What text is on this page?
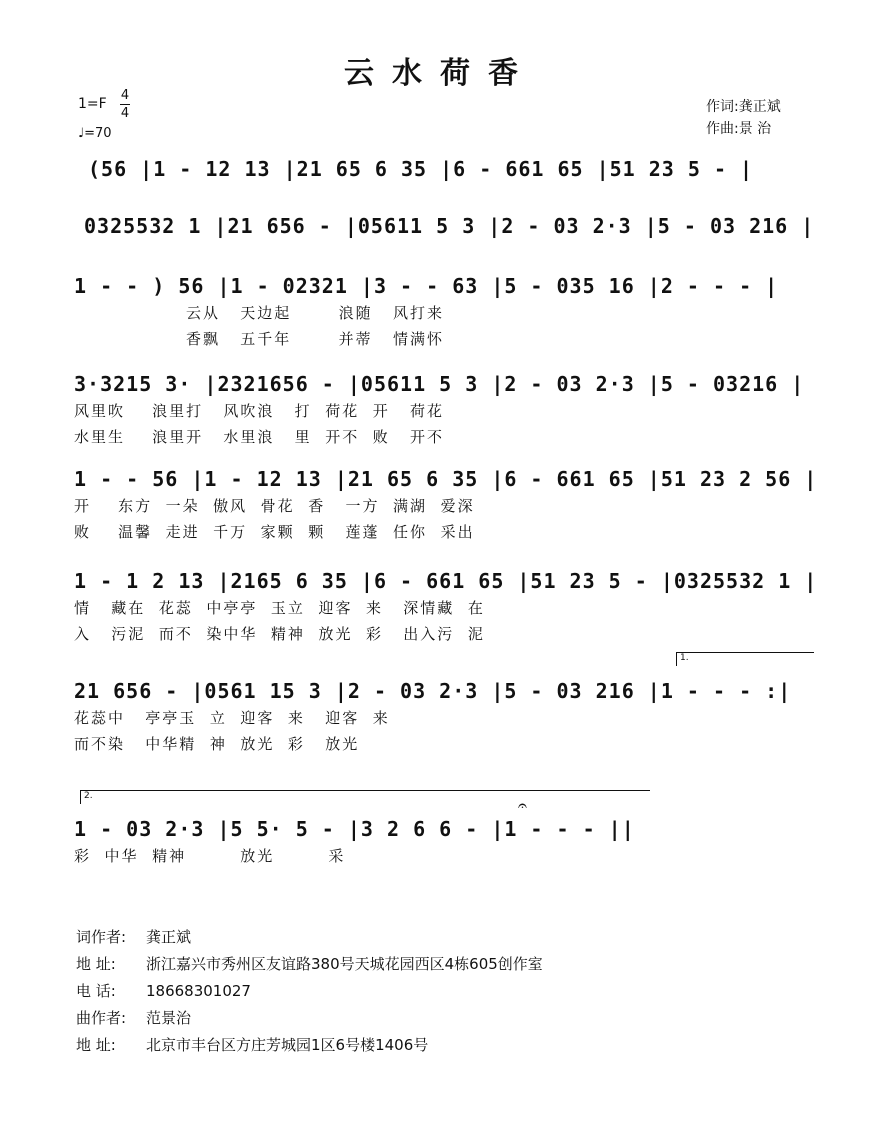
云水荷香
1=F
4
4
♩=70
作词:龚正斌
作曲:景 治
(56 |1 - 12 13 |21 65 6 35 |6 - 661 65 |51 23 5 - |
0325532 1 |21 656 - |05611 5 3 |2 - 03 2·3 |5 - 03 216 |
1 - - ) 56 |1 - 02321 |3 - - 63 |5 - 035 16 |2 - - - |
云从   天边起       浪随   风打来
香飘   五千年       并蒂   情满怀
3·3215 3· |2321656 - |05611 5 3 |2 - 03 2·3 |5 - 03216 |
风里吹    浪里打   风吹浪   打  荷花  开   荷花
水里生    浪里开   水里浪   里  开不  败   开不
1 - - 56 |1 - 12 13 |21 65 6 35 |6 - 661 65 |51 23 2 56 |
开    东方  一朵  傲风  骨花  香   一方  满湖  爱深
败    温馨  走进  千万  家颗  颗   莲蓬  任你  采出
1 - 1 2 13 |2165 6 35 |6 - 661 65 |51 23 5 - |0325532 1 |
情   藏在  花蕊  中亭亭  玉立  迎客  来   深情藏  在
入   污泥  而不  染中华  精神  放光  彩   出入污  泥
1.
21 656 - |0561 15 3 |2 - 03 2·3 |5 - 03 216 |1 - - - :|
花蕊中   亭亭玉  立  迎客  来   迎客  来
而不染   中华精  神  放光  彩   放光
2.
1 - 03 2·3 |5 5· 5 - |3 2 6 6 - |1 - - - ||
彩  中华  精神        放光        采
𝄐
词作者: 龚正斌
地 址: 浙江嘉兴市秀州区友谊路380号天城花园西区4栋605创作室
电 话: 18668301027
曲作者: 范景治
地 址: 北京市丰台区方庄芳城园1区6号楼1406号
